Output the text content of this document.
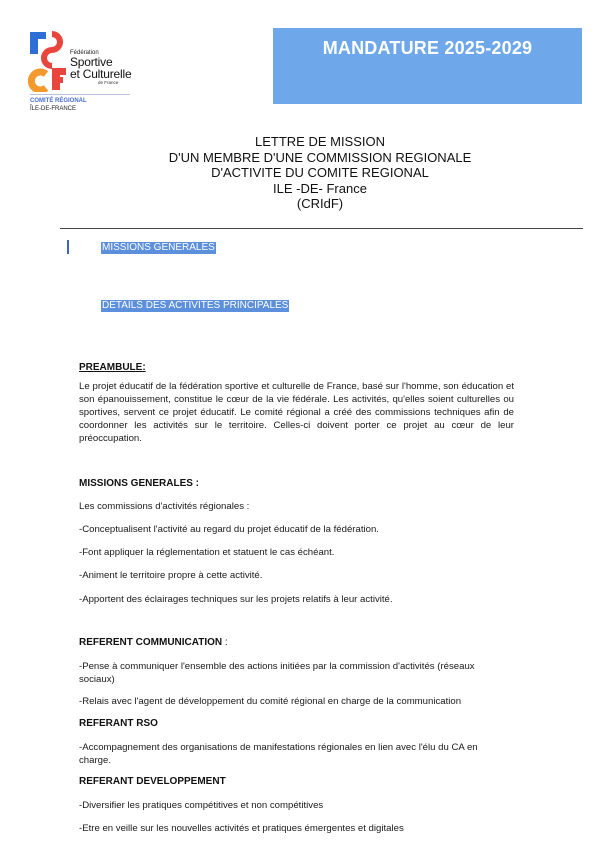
Fédération
Sportive
et Culturelle
de France
COMITÉ RÉGIONAL
ÎLE-DE-FRANCE
MANDATURE 2025-2029
LETTRE DE MISSION
D'UN MEMBRE D'UNE COMMISSION REGIONALE
D'ACTIVITE DU COMITE REGIONAL
ILE -DE- France
(CRIdF)
MISSIONS GENERALES
DETAILS DES ACTIVITES PRINCIPALES
PREAMBULE:
Le projet éducatif de la fédération sportive et culturelle de France, basé sur l'homme, son éducation et son épanouissement, constitue le cœur de la vie fédérale. Les activités, qu'elles soient culturelles ou sportives, servent ce projet éducatif. Le comité régional a créé des commissions techniques afin de coordonner les activités sur le territoire. Celles-ci doivent porter ce projet au cœur de leur préoccupation.
MISSIONS GENERALES :
Les commissions d'activités régionales :
-Conceptualisent l'activité au regard du projet éducatif de la fédération.
-Font appliquer la réglementation et statuent le cas échéant.
-Animent le territoire propre à cette activité.
-Apportent des éclairages techniques sur les projets relatifs à leur activité.
REFERENT COMMUNICATION :
-Pense à communiquer l'ensemble des actions initiées par la commission d'activités (réseaux
sociaux)
-Relais avec l'agent de développement du comité régional en charge de la communication
REFERANT RSO
-Accompagnement des organisations de manifestations régionales en lien avec l'élu du CA en
charge.
REFERANT DEVELOPPEMENT
-Diversifier les pratiques compétitives et non compétitives
-Etre en veille sur les nouvelles activités et pratiques émergentes et digitales
